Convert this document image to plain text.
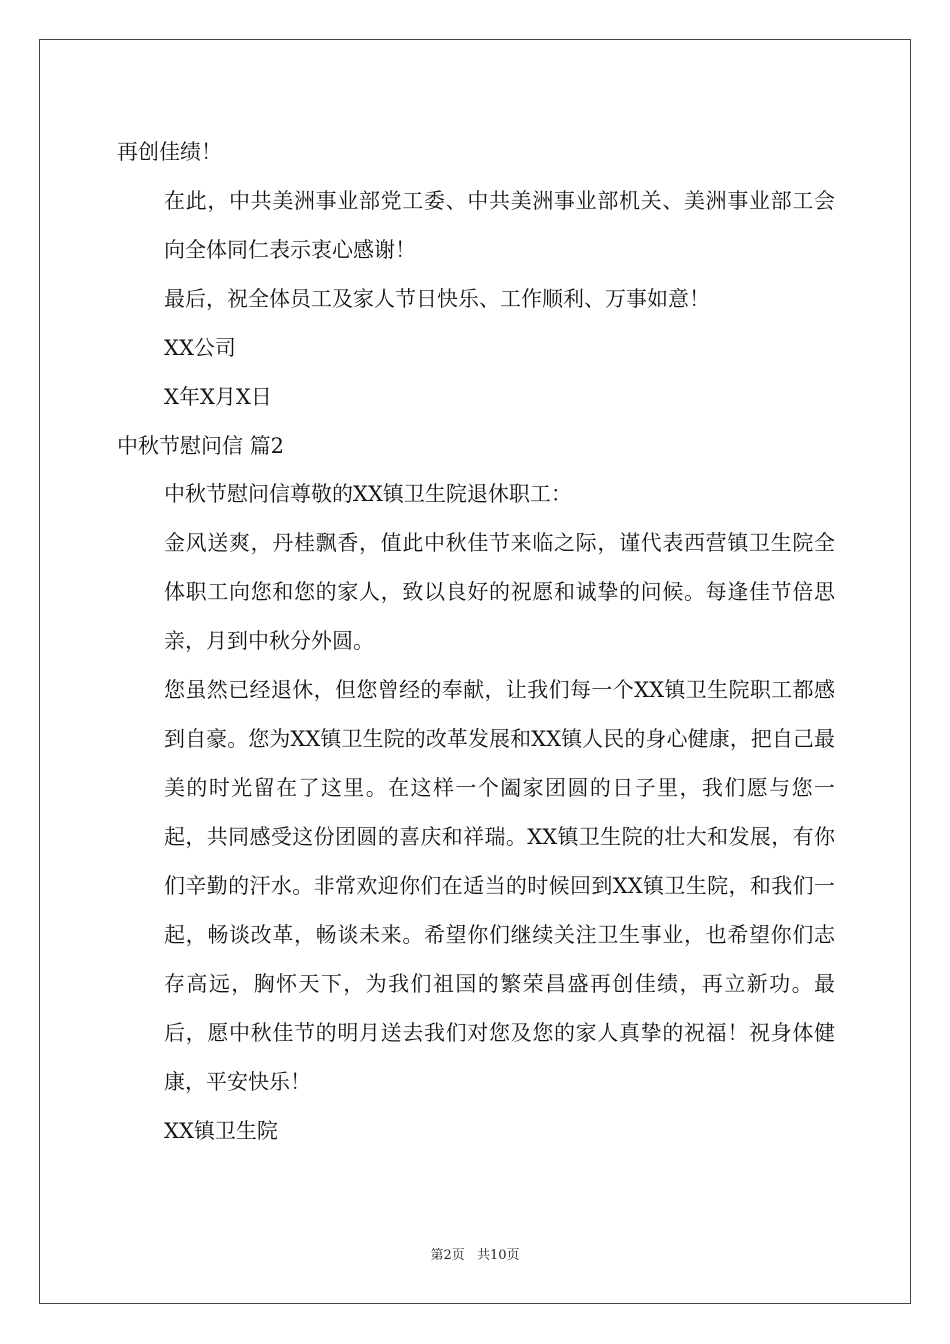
再创佳绩！

在此，中共美洲事业部党工委、中共美洲事业部机关、美洲事业部工会向全体同仁表示衷心感谢！

最后，祝全体员工及家人节日快乐、工作顺利、万事如意！

XX公司

X年X月X日

中秋节慰问信 篇2

中秋节慰问信尊敬的XX镇卫生院退休职工：

金风送爽，丹桂飘香，值此中秋佳节来临之际，谨代表西营镇卫生院全体职工向您和您的家人，致以良好的祝愿和诚挚的问候。每逢佳节倍思亲，月到中秋分外圆。

您虽然已经退休，但您曾经的奉献，让我们每一个XX镇卫生院职工都感到自豪。您为XX镇卫生院的改革发展和XX镇人民的身心健康，把自己最美的时光留在了这里。在这样一个阖家团圆的日子里，我们愿与您一起，共同感受这份团圆的喜庆和祥瑞。XX镇卫生院的壮大和发展，有你们辛勤的汗水。非常欢迎你们在适当的时候回到XX镇卫生院，和我们一起，畅谈改革，畅谈未来。希望你们继续关注卫生事业，也希望你们志存高远，胸怀天下，为我们祖国的繁荣昌盛再创佳绩，再立新功。最后，愿中秋佳节的明月送去我们对您及您的家人真挚的祝福！祝身体健康，平安快乐！

XX镇卫生院

第2页 共10页
